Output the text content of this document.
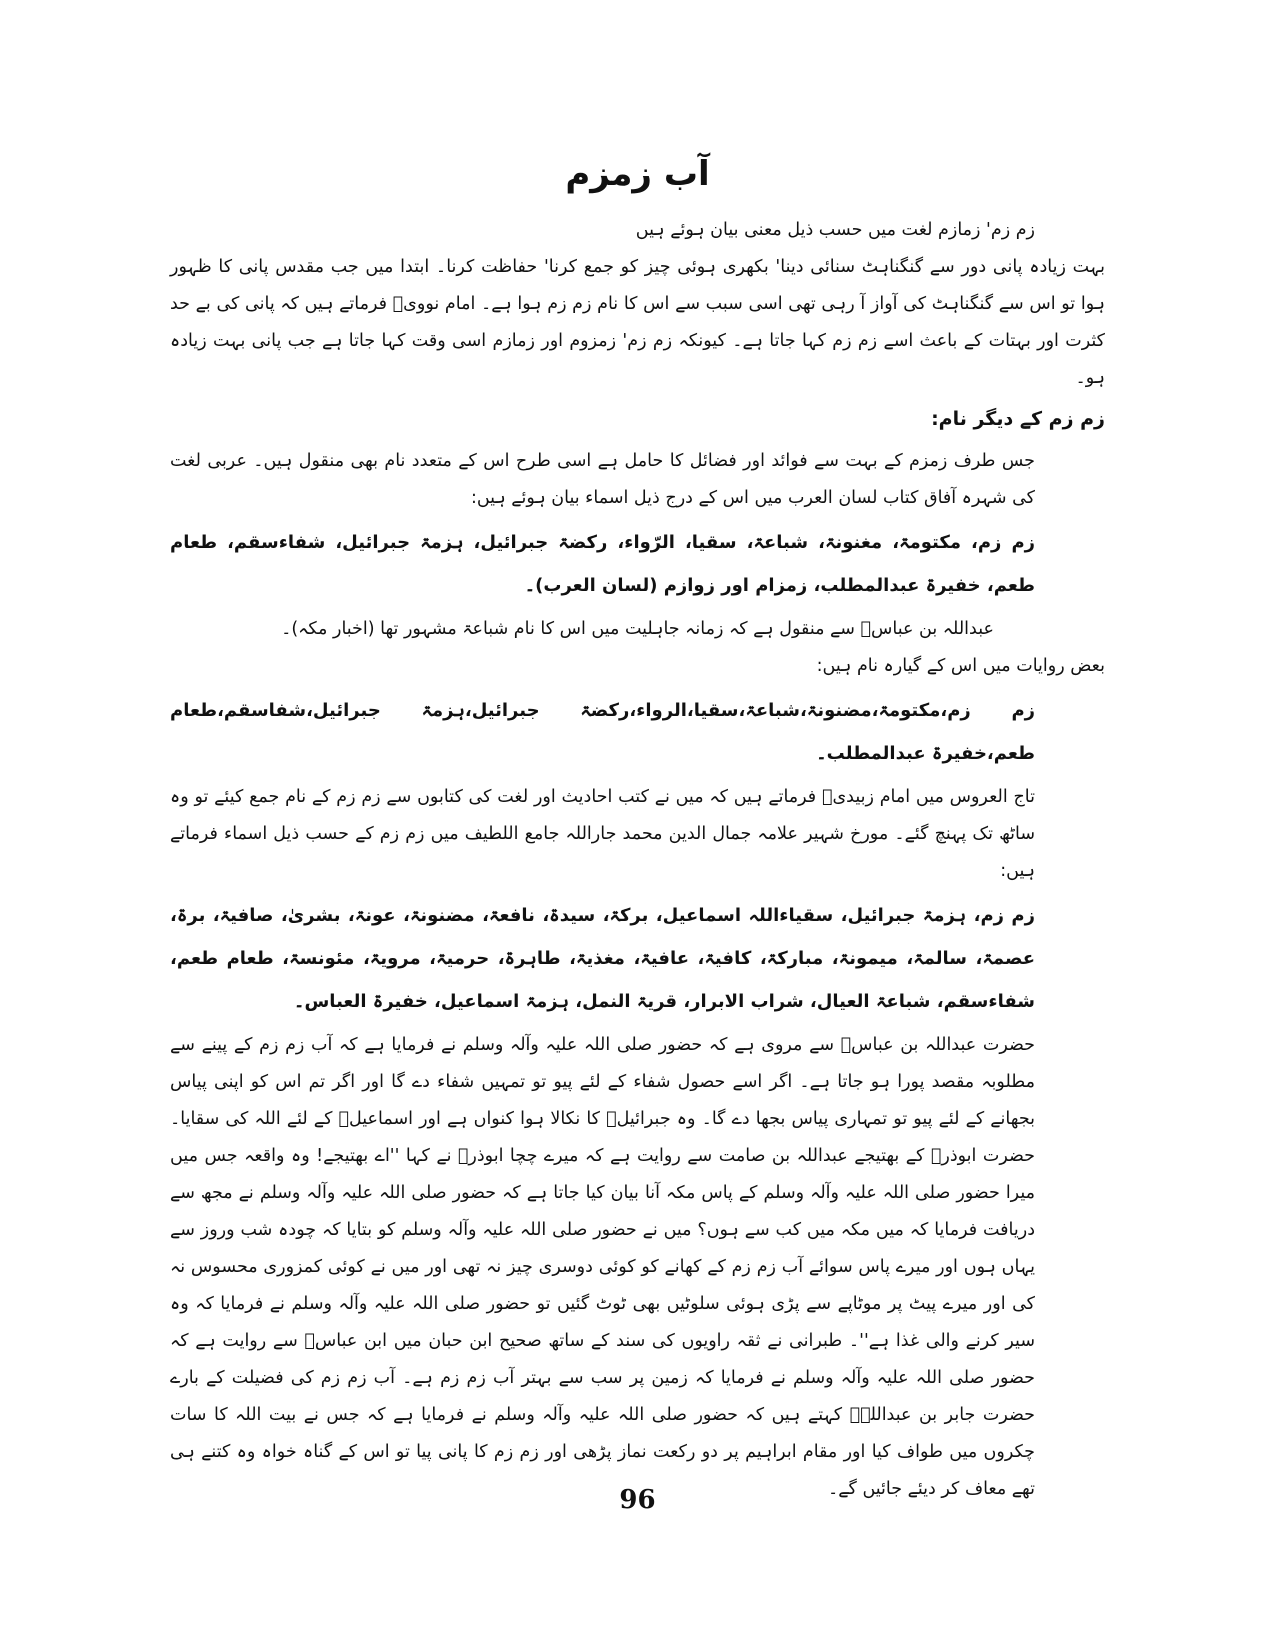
آب زمزم

زم زم' زمازم لغت میں حسب ذیل معنی بیان ہوئے ہیں

بہت زیادہ پانی دور سے گنگناہٹ سنائی دینا' بکھری ہوئی چیز کو جمع کرنا' حفاظت کرنا۔ ابتدا میں جب مقدس پانی کا ظہور ہوا تو اس سے گنگناہٹ کی آواز آ رہی تھی اسی سبب سے اس کا نام زم زم ہوا ہے۔ امام نوویؒ فرماتے ہیں کہ پانی کی بے حد کثرت اور بہتات کے باعث اسے زم زم کہا جاتا ہے۔ کیونکہ زم زم' زمزوم اور زمازم اسی وقت کہا جاتا ہے جب پانی بہت زیادہ ہو۔

زم زم کے دیگر نام:

جس طرف زمزم کے بہت سے فوائد اور فضائل کا حامل ہے اسی طرح اس کے متعدد نام بھی منقول ہیں۔ عربی لغت کی شہرہ آفاق کتاب لسان العرب میں اس کے درج ذیل اسماء بیان ہوئے ہیں:

زم زم، مکتومۃ، مغنونۃ، شباعۃ، سقیا، الرّواء، رکضۃ جبرائیل، ہزمۃ جبرائیل، شفاءسقم، طعام طعم، خفیرۃ عبدالمطلب، زمزام اور زوازم (لسان العرب)۔

عبداللہ بن عباسؓ سے منقول ہے کہ زمانہ جاہلیت میں اس کا نام شباعۃ مشہور تھا (اخبار مکہ)۔

بعض روایات میں اس کے گیارہ نام ہیں:

زم زم،مکتومۃ،مضنونۃ،شباعۃ،سقیا،الرواء،رکضۃ جبرائیل،ہزمۃ جبرائیل،شفاسقم،طعام طعم،خفیرۃ عبدالمطلب۔

تاج العروس میں امام زبیدیؒ فرماتے ہیں کہ میں نے کتب احادیث اور لغت کی کتابوں سے زم زم کے نام جمع کیئے تو وہ ساٹھ تک پہنچ گئے۔ مورخ شہیر علامہ جمال الدین محمد جاراللہ جامع اللطیف میں زم زم کے حسب ذیل اسماء فرماتے ہیں:

زم زم، ہزمۃ جبرائیل، سقیاءاللہ اسماعیل، برکۃ، سیدۃ، نافعۃ، مضنونۃ، عونۃ، بشریٰ، صافیۃ، برۃ، عصمۃ، سالمۃ، میمونۃ، مبارکۃ، کافیۃ، عافیۃ، مغذیۃ، طاہرۃ، حرمیۃ، مرویۃ، مئونسۃ، طعام طعم، شفاءسقم، شباعۃ العیال، شراب الابرار، قریۃ النمل، ہزمۃ اسماعیل، خفیرۃ العباس۔

حضرت عبداللہ بن عباسؓ سے مروی ہے کہ حضور صلی اللہ علیہ وآلہ وسلم نے فرمایا ہے کہ آب زم زم کے پینے سے مطلوبہ مقصد پورا ہو جاتا ہے۔ اگر اسے حصول شفاء کے لئے پیو تو تمہیں شفاء دے گا اور اگر تم اس کو اپنی پیاس بجھانے کے لئے پیو تو تمہاری پیاس بجھا دے گا۔ وہ جبرائیلؑ کا نکالا ہوا کنواں ہے اور اسماعیلؑ کے لئے اللہ کی سقایا۔ حضرت ابوذرؓ کے بھتیجے عبداللہ بن صامت سے روایت ہے کہ میرے چچا ابوذرؓ نے کہا ''اے بھتیجے! وہ واقعہ جس میں میرا حضور صلی اللہ علیہ وآلہ وسلم کے پاس مکہ آنا بیان کیا جاتا ہے کہ حضور صلی اللہ علیہ وآلہ وسلم نے مجھ سے دریافت فرمایا کہ میں مکہ میں کب سے ہوں؟ میں نے حضور صلی اللہ علیہ وآلہ وسلم کو بتایا کہ چودہ شب وروز سے یہاں ہوں اور میرے پاس سوائے آب زم زم کے کھانے کو کوئی دوسری چیز نہ تھی اور میں نے کوئی کمزوری محسوس نہ کی اور میرے پیٹ پر موٹاپے سے پڑی ہوئی سلوٹیں بھی ٹوٹ گئیں تو حضور صلی اللہ علیہ وآلہ وسلم نے فرمایا کہ وہ سیر کرنے والی غذا ہے''۔ طبرانی نے ثقہ راویوں کی سند کے ساتھ صحیح ابن حبان میں ابن عباسؓ سے روایت ہے کہ حضور صلی اللہ علیہ وآلہ وسلم نے فرمایا کہ زمین پر سب سے بہتر آب زم زم ہے۔ آب زم زم کی فضیلت کے بارے حضرت جابر بن عبداللہؓ کہتے ہیں کہ حضور صلی اللہ علیہ وآلہ وسلم نے فرمایا ہے کہ جس نے بیت اللہ کا سات چکروں میں طواف کیا اور مقام ابراہیم پر دو رکعت نماز پڑھی اور زم زم کا پانی پیا تو اس کے گناہ خواہ وہ کتنے ہی تھے معاف کر دیئے جائیں گے۔

96
